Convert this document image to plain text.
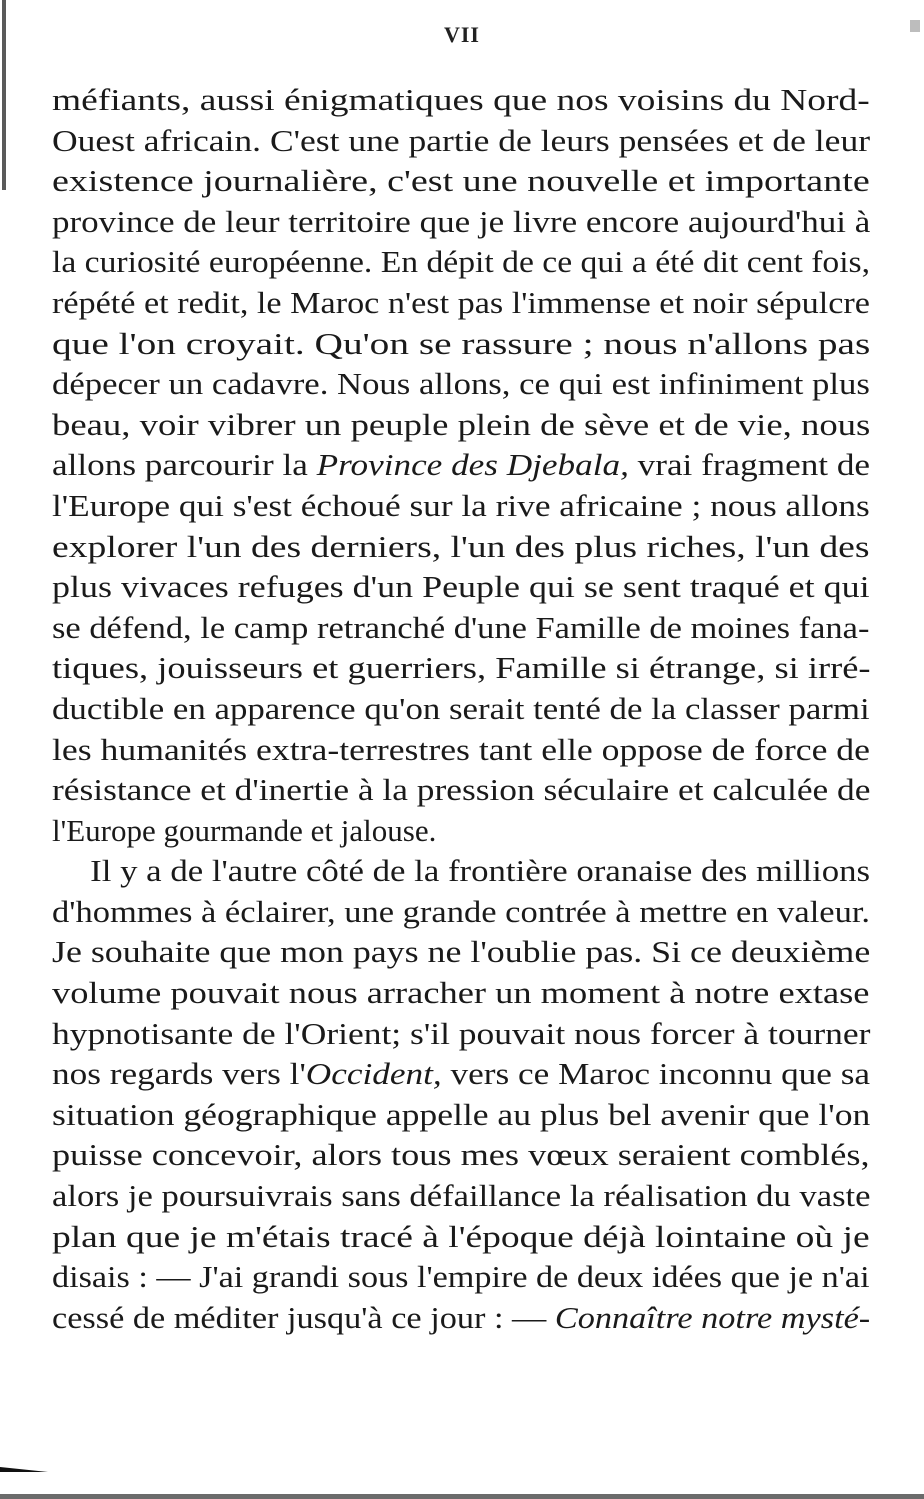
VII
méfiants, aussi énigmatiques que nos voisins du Nord-
Ouest africain. C'est une partie de leurs pensées et de leur
existence journalière, c'est une nouvelle et importante
province de leur territoire que je livre encore aujourd'hui à
la curiosité européenne. En dépit de ce qui a été dit cent fois,
répété et redit, le Maroc n'est pas l'immense et noir sépulcre
que l'on croyait. Qu'on se rassure ; nous n'allons pas
dépecer un cadavre. Nous allons, ce qui est infiniment plus
beau, voir vibrer un peuple plein de sève et de vie, nous
allons parcourir la Province des Djebala, vrai fragment de
l'Europe qui s'est échoué sur la rive africaine ; nous allons
explorer l'un des derniers, l'un des plus riches, l'un des
plus vivaces refuges d'un Peuple qui se sent traqué et qui
se défend, le camp retranché d'une Famille de moines fana-
tiques, jouisseurs et guerriers, Famille si étrange, si irré-
ductible en apparence qu'on serait tenté de la classer parmi
les humanités extra-terrestres tant elle oppose de force de
résistance et d'inertie à la pression séculaire et calculée de
l'Europe gourmande et jalouse.
Il y a de l'autre côté de la frontière oranaise des millions
d'hommes à éclairer, une grande contrée à mettre en valeur.
Je souhaite que mon pays ne l'oublie pas. Si ce deuxième
volume pouvait nous arracher un moment à notre extase
hypnotisante de l'Orient; s'il pouvait nous forcer à tourner
nos regards vers l'Occident, vers ce Maroc inconnu que sa
situation géographique appelle au plus bel avenir que l'on
puisse concevoir, alors tous mes vœux seraient comblés,
alors je poursuivrais sans défaillance la réalisation du vaste
plan que je m'étais tracé à l'époque déjà lointaine où je
disais : — J'ai grandi sous l'empire de deux idées que je n'ai
cessé de méditer jusqu'à ce jour : — Connaître notre mysté-
